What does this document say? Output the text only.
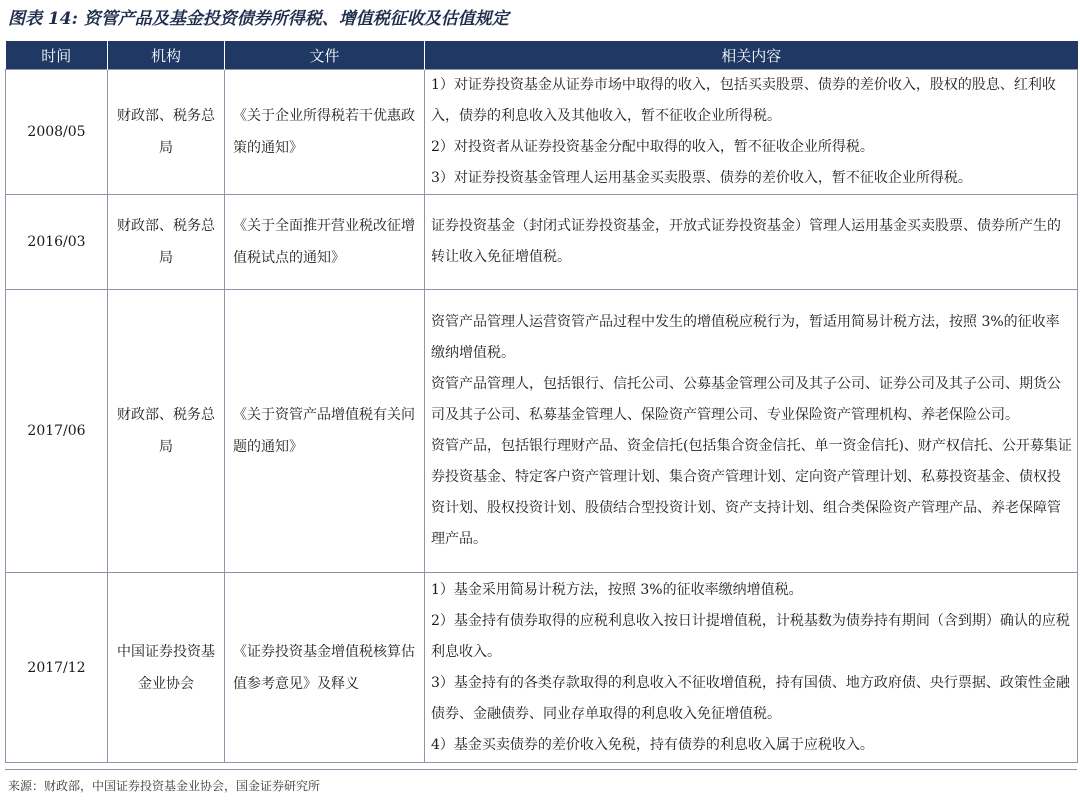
图表 14: 资管产品及基金投资债券所得税、增值税征收及估值规定
时间	机构	文件	相关内容
2008/05	财政部、税务总局	《关于企业所得税若干优惠政策的通知》	1）对证券投资基金从证券市场中取得的收入，包括买卖股票、债券的差价收入，股权的股息、红利收入，债券的利息收入及其他收入，暂不征收企业所得税。
2）对投资者从证券投资基金分配中取得的收入，暂不征收企业所得税。
3）对证券投资基金管理人运用基金买卖股票、债券的差价收入，暂不征收企业所得税。

2016/03	财政部、税务总局	《关于全面推开营业税改征增值税试点的通知》	证券投资基金（封闭式证券投资基金，开放式证券投资基金）管理人运用基金买卖股票、债券所产生的转让收入免征增值税。

2017/06	财政部、税务总局	《关于资管产品增值税有关问题的通知》	资管产品管理人运营资管产品过程中发生的增值税应税行为，暂适用简易计税方法，按照 3%的征收率缴纳增值税。
资管产品管理人，包括银行、信托公司、公募基金管理公司及其子公司、证券公司及其子公司、期货公司及其子公司、私募基金管理人、保险资产管理公司、专业保险资产管理机构、养老保险公司。
资管产品，包括银行理财产品、资金信托(包括集合资金信托、单一资金信托)、财产权信托、公开募集证券投资基金、特定客户资产管理计划、集合资产管理计划、定向资产管理计划、私募投资基金、债权投资计划、股权投资计划、股债结合型投资计划、资产支持计划、组合类保险资产管理产品、养老保障管理产品。

2017/12	中国证券投资基金业协会	《证券投资基金增值税核算估值参考意见》及释义	1）基金采用简易计税方法，按照 3%的征收率缴纳增值税。
2）基金持有债券取得的应税利息收入按日计提增值税，计税基数为债券持有期间（含到期）确认的应税利息收入。
3）基金持有的各类存款取得的利息收入不征收增值税，持有国债、地方政府债、央行票据、政策性金融债券、金融债券、同业存单取得的利息收入免征增值税。
4）基金买卖债券的差价收入免税，持有债券的利息收入属于应税收入。
来源：财政部，中国证券投资基金业协会，国金证券研究所
